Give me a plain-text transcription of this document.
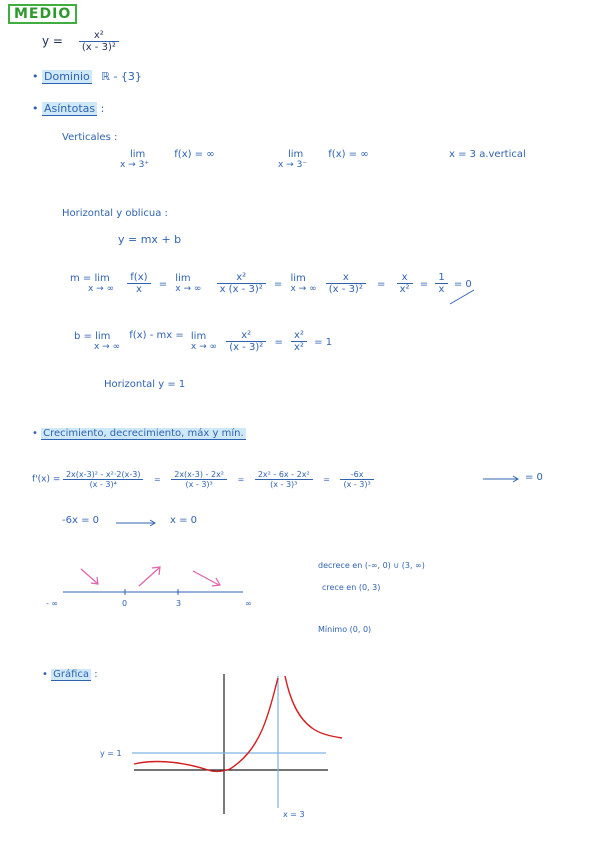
MEDIO
$y = \frac{\text{x²}}{\text{(x - 3)²}}$
• Dominio ℝ - {3}
• Asíntotas :
Verticales :
lim
x → 3⁺
f(x) = ∞	lim
x → 3⁻
f(x) = ∞	x = 3 a.vertical
Horizontal y oblicua :
y = mx + b
m = lim
x → ∞
$\frac{f(x)}{x} = \lim$
x → ∞
$\frac{\text{x²}}{\text{x (x - 3)²}} = \lim$
x → ∞
$\frac{x}{\text{(x - 3)²}} = \frac{x}{\text{x²}} = \frac{1}{x} = 0$
b = lim
x → ∞
f(x) - mx = lim
x → ∞
$\frac{\text{x²}}{\text{(x - 3)²}} = \frac{\text{x²}}{\text{x²}} = 1$
Horizontal y = 1
• Crecimiento, decrecimiento, máx y mín.
$f'(x) = \frac{\text{2x(x-3)² - x²·2(x-3)}}{\text{(x - 3)⁴}} = \frac{\text{2x(x-3) - 2x²}}{\text{(x - 3)³}} = \frac{\text{2x² - 6x - 2x²}}{\text{(x - 3)³}} = \frac{-6x}{\text{(x - 3)³}}$	= 0
-6x = 0	x = 0
- ∞	0	3	∞
decrece en (-∞, 0) ∪ (3, ∞)
crece en (0, 3)
Mínimo (0, 0)
• Gráfica :
y = 1
x = 3
